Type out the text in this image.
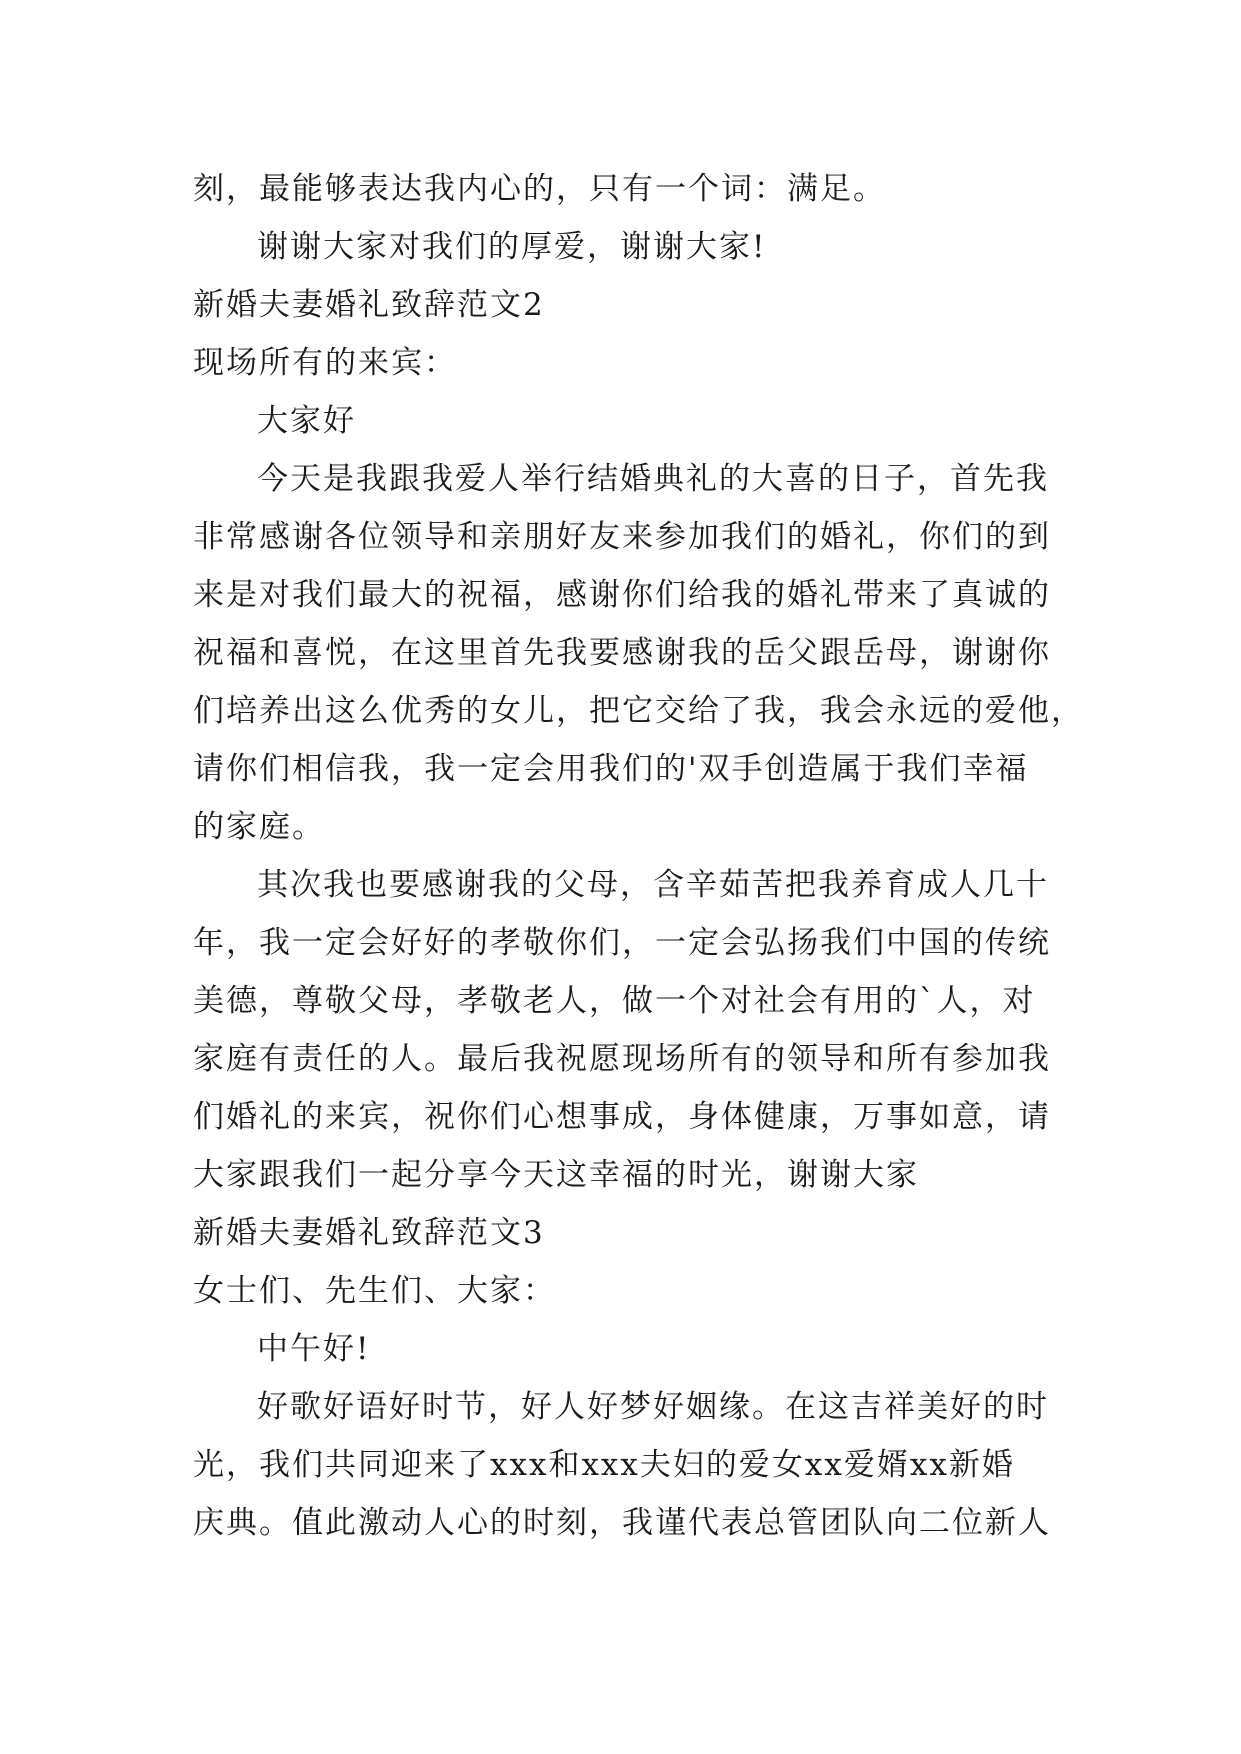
刻，最能够表达我内心的，只有一个词：满足。
谢谢大家对我们的厚爱，谢谢大家!
新婚夫妻婚礼致辞范文2
现场所有的来宾：
大家好
今天是我跟我爱人举行结婚典礼的大喜的日子，首先我
非常感谢各位领导和亲朋好友来参加我们的婚礼，你们的到
来是对我们最大的祝福，感谢你们给我的婚礼带来了真诚的
祝福和喜悦，在这里首先我要感谢我的岳父跟岳母，谢谢你
们培养出这么优秀的女儿，把它交给了我，我会永远的爱他，
请你们相信我，我一定会用我们的'双手创造属于我们幸福
的家庭。
其次我也要感谢我的父母，含辛茹苦把我养育成人几十
年，我一定会好好的孝敬你们，一定会弘扬我们中国的传统
美德，尊敬父母，孝敬老人，做一个对社会有用的`人，对
家庭有责任的人。最后我祝愿现场所有的领导和所有参加我
们婚礼的来宾，祝你们心想事成，身体健康，万事如意，请
大家跟我们一起分享今天这幸福的时光，谢谢大家
新婚夫妻婚礼致辞范文3
女士们、先生们、大家：
中午好!
好歌好语好时节，好人好梦好姻缘。在这吉祥美好的时
光，我们共同迎来了xxx和xxx夫妇的爱女xx爱婿xx新婚
庆典。值此激动人心的时刻，我谨代表总管团队向二位新人
